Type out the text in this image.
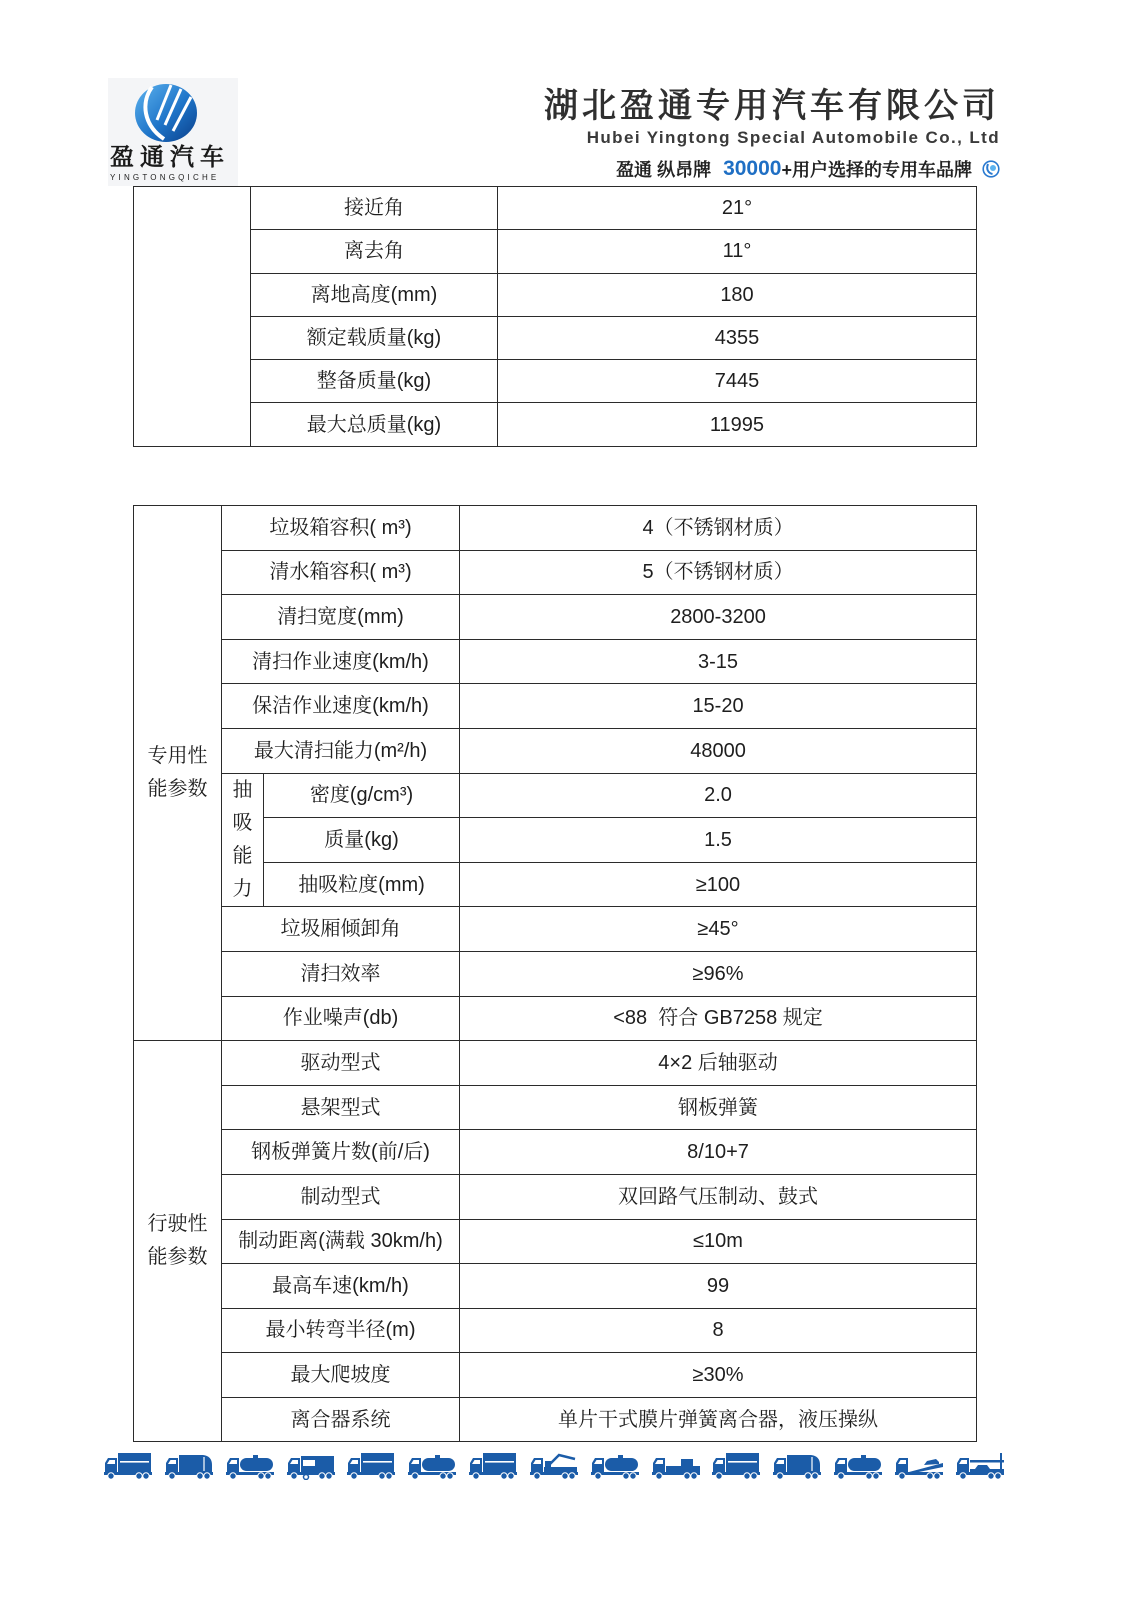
盈通汽车
YINGTONGQICHE
湖北盈通专用汽车有限公司
Hubei Yingtong Special Automobile Co., Ltd
盈通 纵昂牌 30000 +用户选择的专用车品牌
	接近角	21°
	离去角	11°
	离地高度(mm)	180
	额定载质量(kg)	4355
	整备质量(kg)	7445
	最大总质量(kg)	11995
专用性能参数	垃圾箱容积( m³)		4（不锈钢材质）
	清水箱容积( m³)		5（不锈钢材质）
	清扫宽度(mm)		2800-3200
	清扫作业速度(km/h)		3-15
	保洁作业速度(km/h)		15-20
	最大清扫能力(m²/h)		48000

	抽吸能力	密度(g/cm³)	2.0
		质量(kg)	1.5
		抽吸粒度(mm)	≥100
	垃圾厢倾卸角		≥45°
	清扫效率		≥96%
	作业噪声(db)		<88  符合 GB7258 规定

行驶性能参数	驱动型式		4×2 后轴驱动
	悬架型式		钢板弹簧
	钢板弹簧片数(前/后)		8/10+7
	制动型式		双回路气压制动、鼓式
	制动距离(满载 30km/h)		≤10m
	最高车速(km/h)		99
	最小转弯半径(m)		8
	最大爬坡度		≥30%
	离合器系统		单片干式膜片弹簧离合器，液压操纵
